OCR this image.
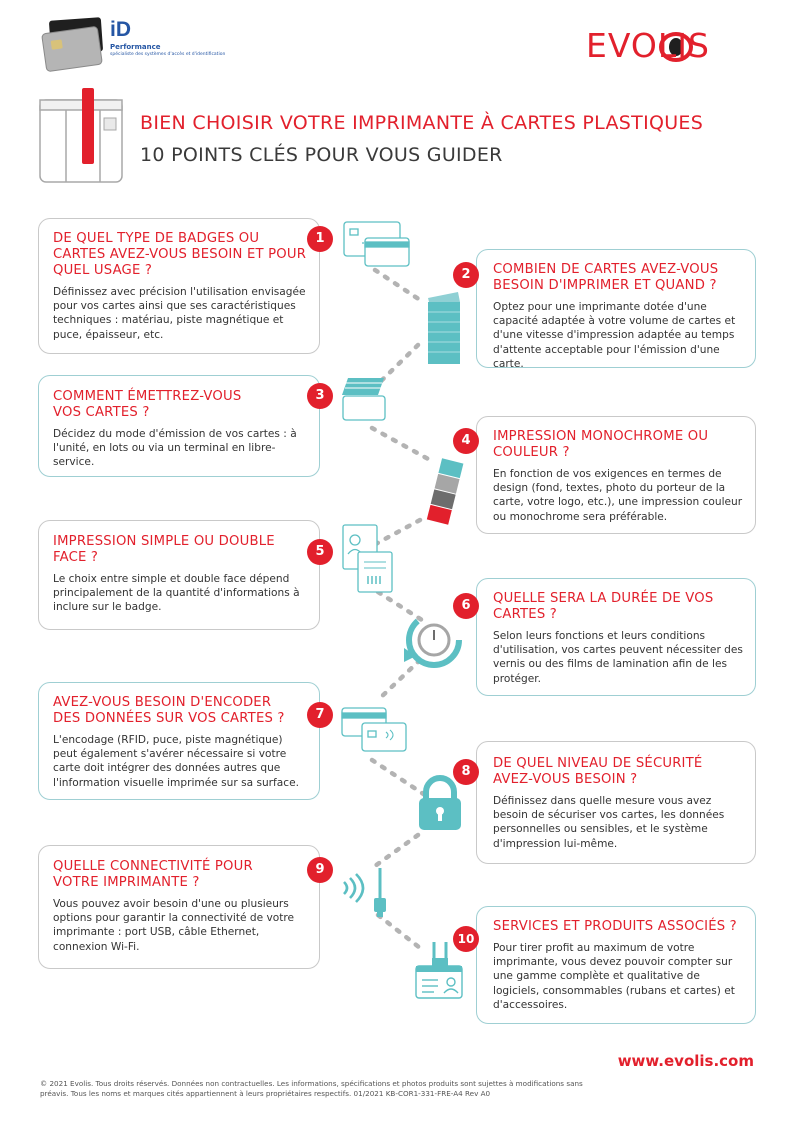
iD
Performance
spécialiste des systèmes d'accès et d'identification	EVOLIS
BIEN CHOISIR VOTRE IMPRIMANTE À CARTES PLASTIQUES
10 POINTS CLÉS POUR VOUS GUIDER
DE QUEL TYPE DE BADGES OU CARTES AVEZ-VOUS BESOIN ET POUR QUEL USAGE ?

Définissez avec précision l'utilisation envisagée pour vos cartes ainsi que ses caractéristiques techniques : matériau, piste magnétique et puce, épaisseur, etc.

1
COMBIEN DE CARTES AVEZ-VOUS BESOIN D'IMPRIMER ET QUAND ?

Optez pour une imprimante dotée d'une capacité adaptée à votre volume de cartes et d'une vitesse d'impression adaptée au temps d'attente acceptable pour l'émission d'une carte.

2
COMMENT ÉMETTREZ-VOUS VOS CARTES ?

Décidez du mode d'émission de vos cartes : à l'unité, en lots ou via un terminal en libre-service.

3
IMPRESSION MONOCHROME OU COULEUR ?

En fonction de vos exigences en termes de design (fond, textes, photo du porteur de la carte, votre logo, etc.), une impression couleur ou monochrome sera préférable.

4
IMPRESSION SIMPLE OU DOUBLE FACE ?

Le choix entre simple et double face dépend principalement de la quantité d'informations à inclure sur le badge.

5
QUELLE SERA LA DURÉE DE VOS CARTES ?

Selon leurs fonctions et leurs conditions d'utilisation, vos cartes peuvent nécessiter des vernis ou des films de lamination afin de les protéger.

6
AVEZ-VOUS BESOIN D'ENCODER DES DONNÉES SUR VOS CARTES ?

L'encodage (RFID, puce, piste magnétique) peut également s'avérer nécessaire si votre carte doit intégrer des données autres que l'information visuelle imprimée sur sa surface.

7
DE QUEL NIVEAU DE SÉCURITÉ AVEZ-VOUS BESOIN ?

Définissez dans quelle mesure vous avez besoin de sécuriser vos cartes, les données personnelles ou sensibles, et le système d'impression lui-même.

8
QUELLE CONNECTIVITÉ POUR VOTRE IMPRIMANTE ?

Vous pouvez avoir besoin d'une ou plusieurs options pour garantir la connectivité de votre imprimante : port USB, câble Ethernet, connexion Wi-Fi.

9
SERVICES ET PRODUITS ASSOCIÉS ?

Pour tirer profit au maximum de votre imprimante, vous devez pouvoir compter sur une gamme complète et qualitative de logiciels, consommables (rubans et cartes) et d'accessoires.

10
www.evolis.com
© 2021 Evolis. Tous droits réservés. Données non contractuelles. Les informations, spécifications et photos produits sont sujettes à modifications sans préavis. Tous les noms et marques cités appartiennent à leurs propriétaires respectifs. 01/2021 KB-COR1-331-FRE-A4 Rev A0
